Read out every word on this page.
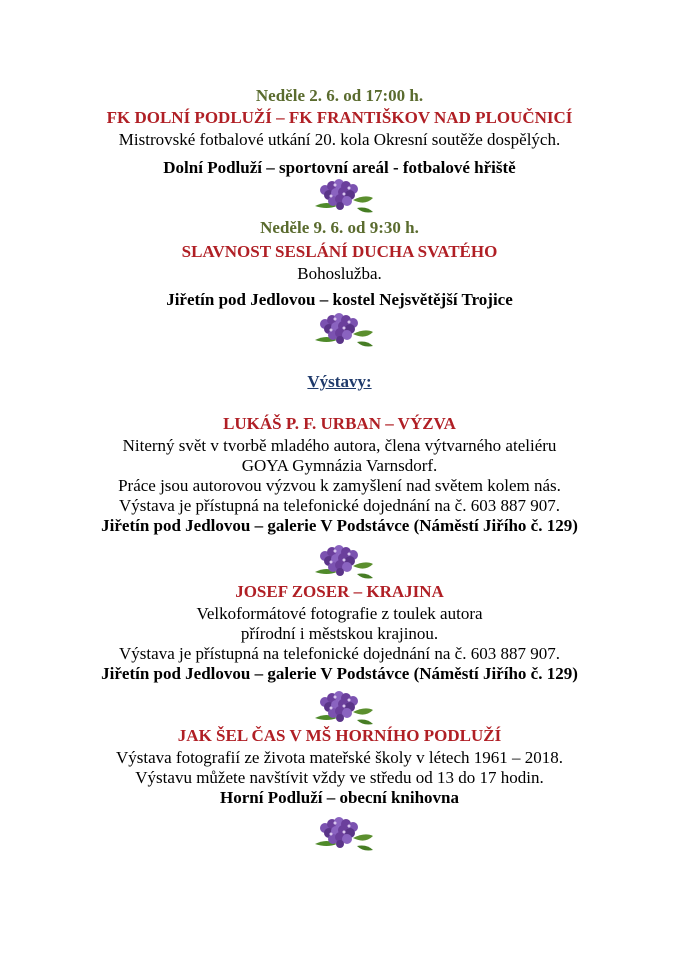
Neděle 2. 6. od 17:00 h.
FK DOLNÍ PODLUŽÍ – FK FRANTIŠKOV NAD PLOUČNICÍ
Mistrovské fotbalové utkání 20. kola Okresní soutěže dospělých.
Dolní Podluží – sportovní areál - fotbalové hřiště
Neděle 9. 6. od 9:30 h.
SLAVNOST SESLÁNÍ DUCHA SVATÉHO
Bohoslužba.
Jiřetín pod Jedlovou – kostel Nejsvětější Trojice
Výstavy:
LUKÁŠ P. F. URBAN – VÝZVA
Niterný svět v tvorbě mladého autora, člena výtvarného ateliéru
GOYA Gymnázia Varnsdorf.
Práce jsou autorovou výzvou k zamyšlení nad světem kolem nás.
Výstava je přístupná na telefonické dojednání na č. 603 887 907.
Jiřetín pod Jedlovou – galerie V Podstávce (Náměstí Jiřího č. 129)
JOSEF ZOSER – KRAJINA
Velkoformátové fotografie z toulek autora
přírodní i městskou krajinou.
Výstava je přístupná na telefonické dojednání na č. 603 887 907.
Jiřetín pod Jedlovou – galerie V Podstávce (Náměstí Jiřího č. 129)
JAK ŠEL ČAS V MŠ HORNÍHO PODLUŽÍ
Výstava fotografií ze života mateřské školy v létech 1961 – 2018.
Výstavu můžete navštívit vždy ve středu od 13 do 17 hodin.
Horní Podluží – obecní knihovna
